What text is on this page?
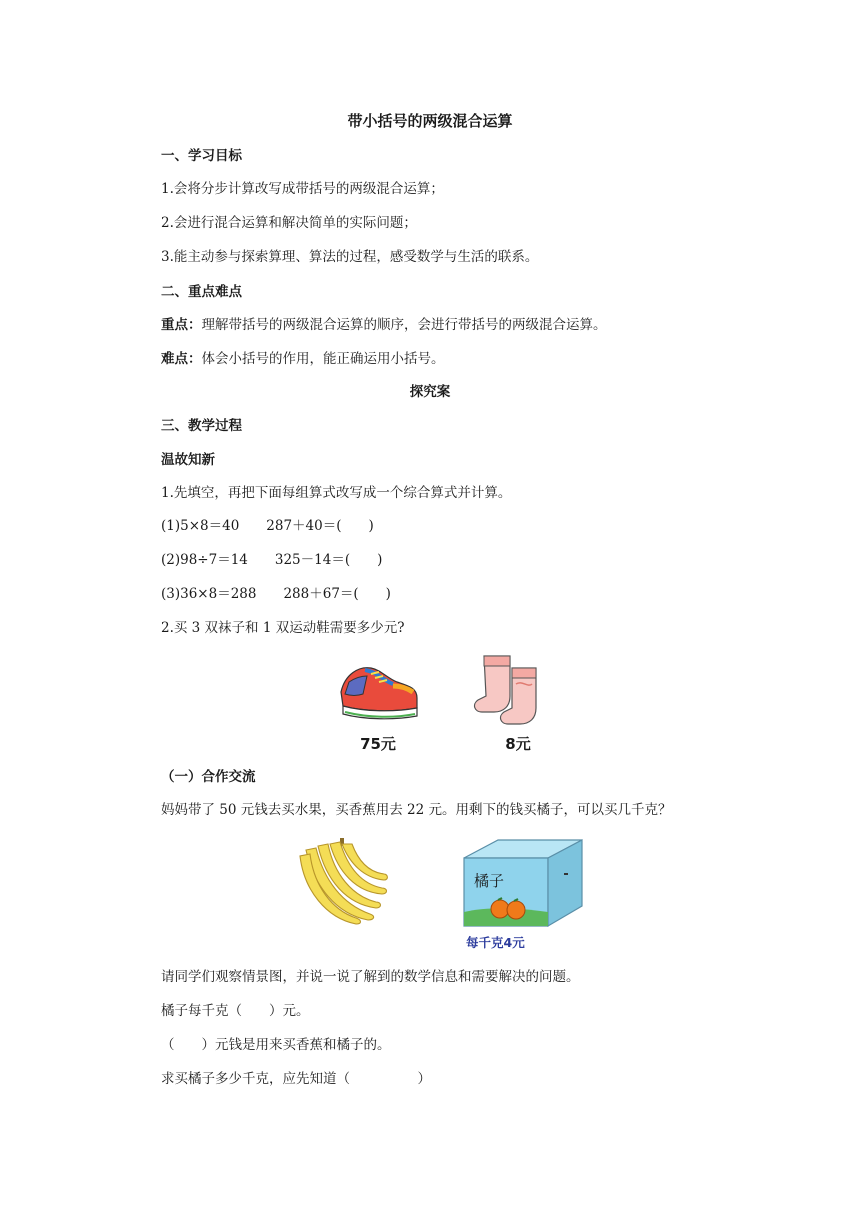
带小括号的两级混合运算
一、学习目标
1.会将分步计算改写成带括号的两级混合运算；
2.会进行混合运算和解决简单的实际问题；
3.能主动参与探索算理、算法的过程，感受数学与生活的联系。
二、重点难点
重点：理解带括号的两级混合运算的顺序，会进行带括号的两级混合运算。
难点：体会小括号的作用，能正确运用小括号。
探究案
三、教学过程
温故知新
1.先填空，再把下面每组算式改写成一个综合算式并计算。
(1)5×8＝40　　287＋40＝(　　)
(2)98÷7＝14　　325－14＝(　　)
(3)36×8＝288　　288＋67＝(　　)
2.买 3 双袜子和 1 双运动鞋需要多少元?
75元	8元
（一）合作交流
妈妈带了 50 元钱去买水果，买香蕉用去 22 元。用剩下的钱买橘子，可以买几千克？
橘子
每千克4元
请同学们观察情景图，并说一说了解到的数学信息和需要解决的问题。
橘子每千克（　　）元。
（　　）元钱是用来买香蕉和橘子的。
求买橘子多少千克，应先知道（　　　　　）
